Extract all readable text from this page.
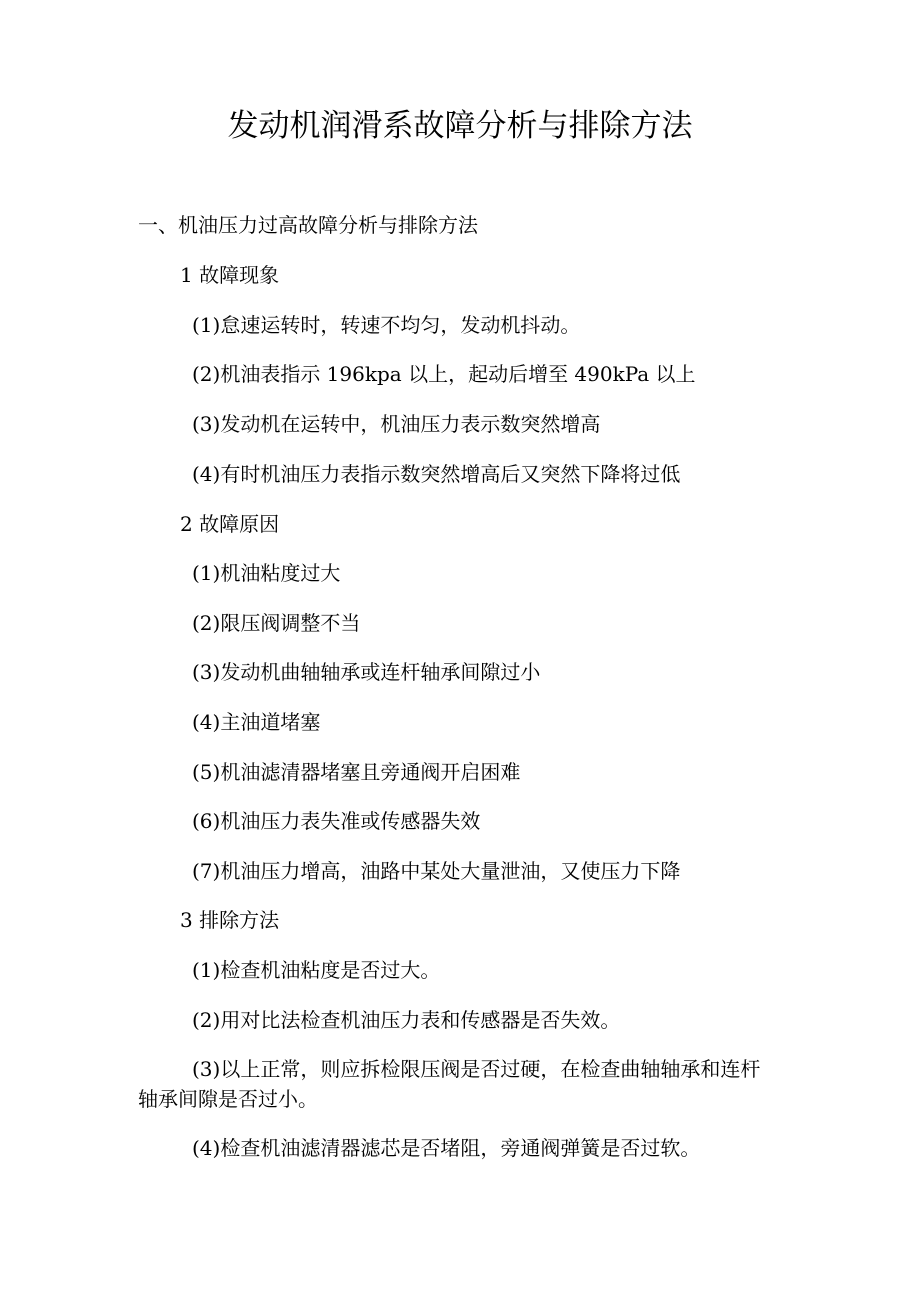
发动机润滑系故障分析与排除方法
一、机油压力过高故障分析与排除方法
1 故障现象
(1)怠速运转时，转速不均匀，发动机抖动。
(2)机油表指示 196kpa 以上，起动后增至 490kPa 以上
(3)发动机在运转中，机油压力表示数突然增高
(4)有时机油压力表指示数突然增高后又突然下降将过低
2 故障原因
(1)机油粘度过大
(2)限压阀调整不当
(3)发动机曲轴轴承或连杆轴承间隙过小
(4)主油道堵塞
(5)机油滤清器堵塞且旁通阀开启困难
(6)机油压力表失准或传感器失效
(7)机油压力增高，油路中某处大量泄油，又使压力下降
3 排除方法
(1)检查机油粘度是否过大。
(2)用对比法检查机油压力表和传感器是否失效。
(3)以上正常，则应拆检限压阀是否过硬，在检查曲轴轴承和连杆轴承间隙是否过小。
(4)检查机油滤清器滤芯是否堵阻，旁通阀弹簧是否过软。
